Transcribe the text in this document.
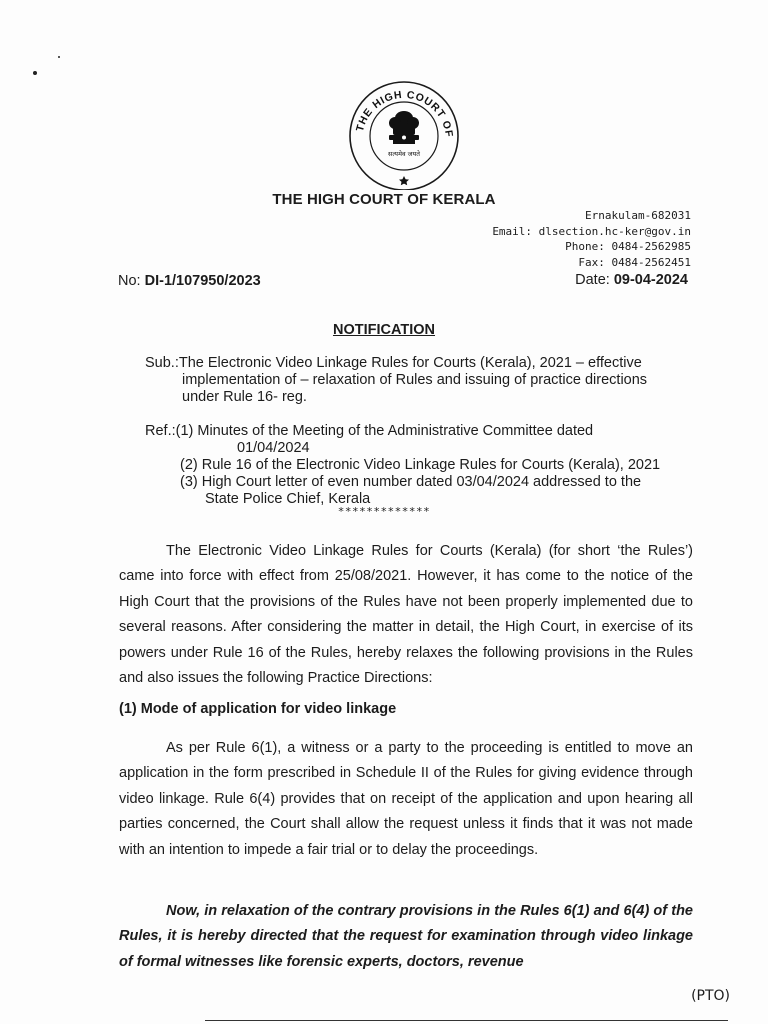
THE HIGH COURT OF
सत्यमेव जयते
THE HIGH COURT OF KERALA
Ernakulam-682031
Email: dlsection.hc-ker@gov.in
Phone: 0484-2562985
Fax: 0484-2562451
No: DI-1/107950/2023	Date: 09-04-2024
NOTIFICATION
Sub.:The Electronic Video Linkage Rules for Courts (Kerala), 2021 – effective
implementation of – relaxation of Rules and issuing of practice directions
under Rule 16- reg.
Ref.:(1) Minutes of the Meeting of the Administrative Committee dated
01/04/2024
(2) Rule 16 of the Electronic Video Linkage Rules for Courts (Kerala), 2021
(3) High Court letter of even number dated 03/04/2024 addressed to the
State Police Chief, Kerala
*************
The Electronic Video Linkage Rules for Courts (Kerala) (for short ‘the Rules’) came into force with effect from 25/08/2021. However, it has come to the notice of the High Court that the provisions of the Rules have not been properly implemented due to several reasons. After considering the matter in detail, the High Court, in exercise of its powers under Rule 16 of the Rules, hereby relaxes the following provisions in the Rules and also issues the following Practice Directions:
(1) Mode of application for video linkage
As per Rule 6(1), a witness or a party to the proceeding is entitled to move an application in the form prescribed in Schedule II of the Rules for giving evidence through video linkage. Rule 6(4) provides that on receipt of the application and upon hearing all parties concerned, the Court shall allow the request unless it finds that it was not made with an intention to impede a fair trial or to delay the proceedings.
Now, in relaxation of the contrary provisions in the Rules 6(1) and 6(4) of the Rules, it is hereby directed that the request for examination through video linkage of formal witnesses like forensic experts, doctors, revenue
(PTO)
